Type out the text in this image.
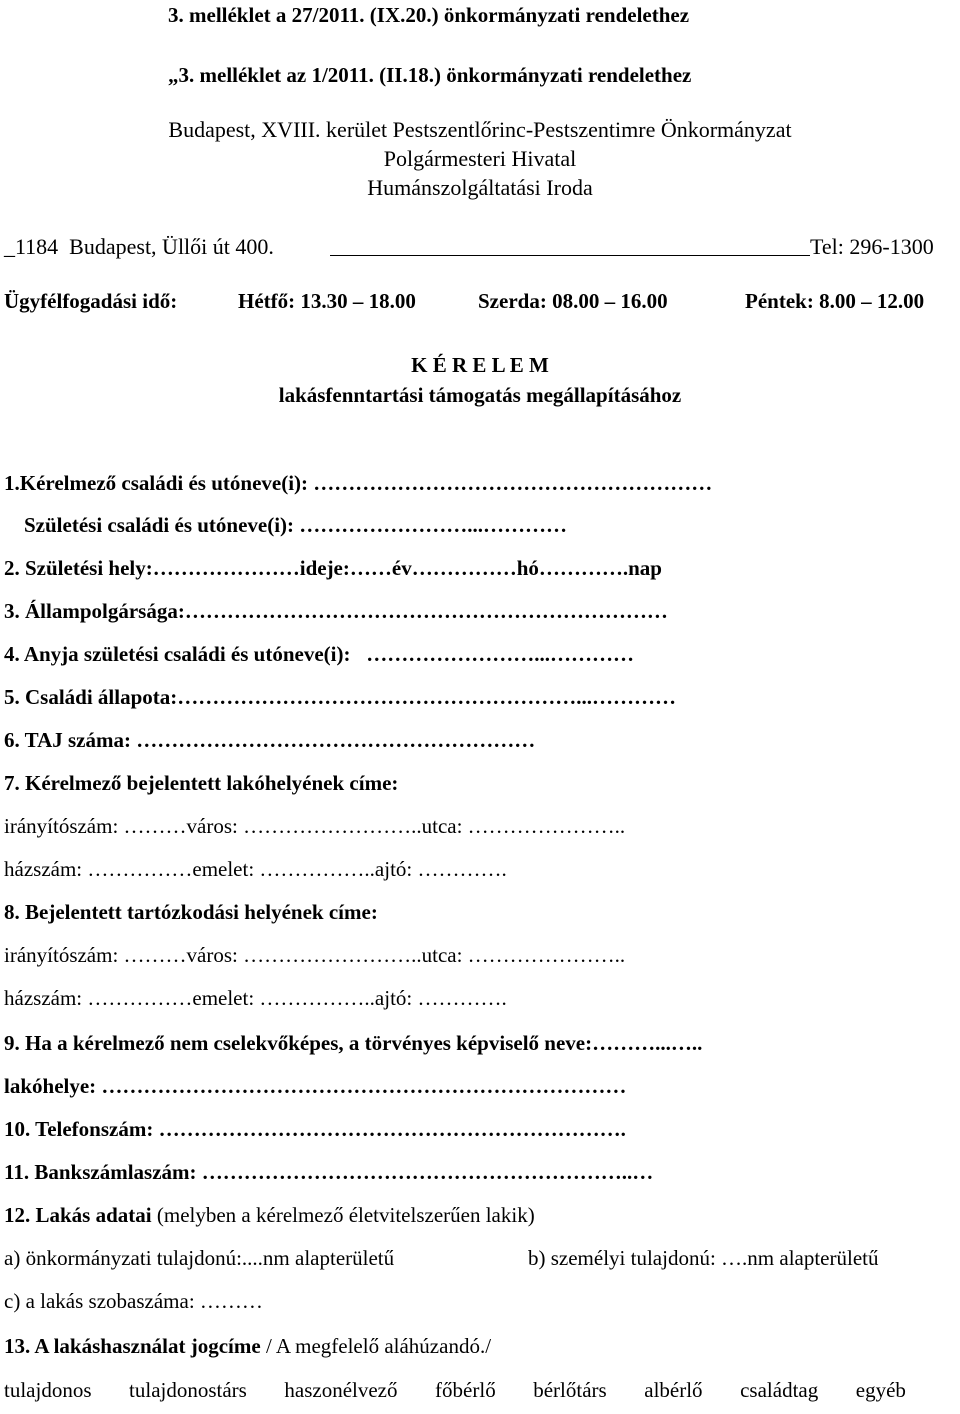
3. melléklet a 27/2011. (IX.20.) önkormányzati rendelethez
„3. melléklet az 1/2011. (II.18.) önkormányzati rendelethez
Budapest, XVIII. kerület Pestszentlőrinc-Pestszentimre Önkormányzat
Polgármesteri Hivatal
Humánszolgáltatási Iroda
_1184  Budapest, Üllői út 400.	Tel: 296-1300
Ügyfélfogadási idő:	Hétfő: 13.30 – 18.00	Szerda: 08.00 – 16.00	Péntek: 8.00 – 12.00
K É R E L E M
lakásfenntartási támogatás megállapításához
1.Kérelmező családi és utóneve(i): …………………………………………………
Születési családi és utóneve(i): ……………………...…………
2. Születési hely:…………………ideje:……év……………hó………….nap
3. Állampolgársága:……………………………………………………………
4. Anyja születési családi és utóneve(i):   ……………………...…………
5. Családi állapota:…………………………………………………...…………
6. TAJ száma: …………………………………………………
7. Kérelmező bejelentett lakóhelyének címe:
irányítószám: ………város: ……………………..utca: …………………..
házszám: ……………emelet: ……………..ajtó: ………….
8. Bejelentett tartózkodási helyének címe:
irányítószám: ………város: ……………………..utca: …………………..
házszám: ……………emelet: ……………..ajtó: ………….
9. Ha a kérelmező nem cselekvőképes, a törvényes képviselő neve:………...…..
lakóhelye: …………………………………………………………………
10. Telefonszám: ………………………………………………………….
11. Bankszámlaszám: ……………………………………………………..…
12. Lakás adatai (melyben a kérelmező életvitelszerűen lakik)
a) önkormányzati tulajdonú:....nm alapterületű	b) személyi tulajdonú: ….nm alapterületű
c) a lakás szobaszáma: ………
13. A lakáshasználat jogcíme / A megfelelő aláhúzandó./
tulajdonos tulajdonostárs haszonélvező főbérlő bérlőtárs albérlő családtag egyéb
